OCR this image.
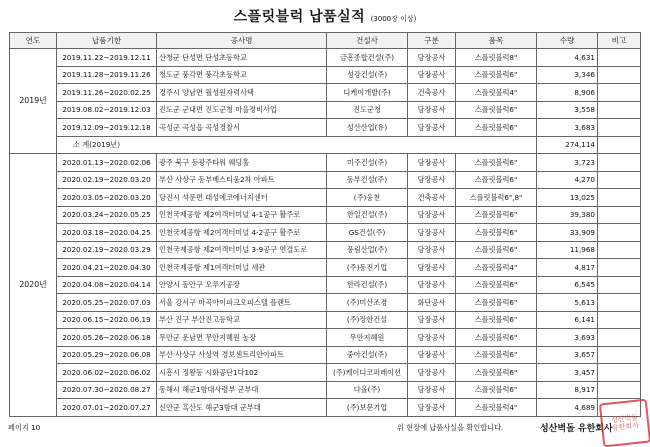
스플릿블럭 납품실적 (3000장 이상)
연도	납품기한	공사명	건설사	구분	품목	수량	비고
2019년	2019.11.22~2019.12.11	산청군 단성면 단성초등학교	금흥종합건설(주)	담장공사	스플릿블럭8"	4,631	
	2019.11.28~2019.11.26	청도군 풍각면 풍각초등학교	성강건설(주)	담장공사	스플릿블럭6"	3,346	
	2019.11.26~2020.02.25	경주시 양남면 월성원자력사택	디케이개발(주)	건축공사	스플릿블럭4"	8,906	
	2019.08.02~2019.12.03	진도군 군내면 진도군청 마을정비사업	진도군청	담장공사	스플릿블럭6"	3,558	
	2019.12.09~2019.12.18	곡성군 곡성읍 곡성경찰서	성산산업(유)	담장공사	스플릿블럭6"	3,683	
	소 계(2019년)					274,114	
2020년	2020.01.13~2020.02.06	광주 북구 동광주타워 웨딩홀	미주건설(주)	담장공사	스플릿블럭6"	3,723	
	2020.02.19~2020.03.20	부산 사상구 동부베스티움2차 아파트	동부건설(주)	담장공사	스플릿블럭6"	4,270	
	2020.03.05~2020.03.20	당진시 석문면 대성에코에너지센터	(주)웅천	건축공사	스플릿블럭6",8"	13,025	
	2020.03.24~2020.05.25	인천국제공항 제2여객터미널 4-1공구 활주로	한일건설(주)	담장공사	스플릿블럭6"	39,380	
	2020.03.18~2020.04.25	인천국제공항 제2여객터미널 4-2공구 활주로	GS건설(주)	담장공사	스플릿블럭6"	33,909	
	2020.02.19~2020.03.29	인천국제공항 제2여객터미널 3-9공구 연결도로	풍림산업(주)	담장공사	스플릿블럭6"	11,968	
	2020.04.21~2020.04.30	인천국제공항 제1여객터미널 세관	(주)동진기업	담장공사	스플릿블럭4"	4,817	
	2020.04.08~2020.04.14	안양시 동안구 오루기공장	한라건설(주)	담장공사	스플릿블럭6"	6,545	
	2020.05.25~2020.07.03	서울 강서구 마곡아이파크오피스텔 플랜트	(주)미산조경	화단공사	스플릿블럭6"	5,613	
	2020.06.15~2020.06.19	부산 진구 부산진고등학교	(주)장한건설	담장공사	스플릿블럭6"	6,141	
	2020.05.26~2020.06.18	무안군 운남면 무안지혜원 농장	무안지혜원	담장공사	스플릿블럭6"	3,693	
	2020.05.29~2020.06.08	부산 사상구 사상역 경보센트리안아파트	중아건설(주)	담장공사	스플릿블럭6"	3,657	
	2020.06.02~2020.06.02	시흥시 정왕동 시화공단1다102	(주)케이디코퍼레이션	담장공사	스플릿블럭6"	3,457	
	2020.07.30~2020.08.27	동해시 해군1함대사령부 군부대	다올(주)	담장공사	스플릿블럭6"	8,917	
	2020.07.01~2020.07.27	신안군 흑산도 해군3함대 군부대	(주)보문기업	담장공사	스플릿블럭4"	4,689	
페이지 10	위 현장에 납품사실을 확인합니다.	성산벽돌 유한회사
성산벽돌
유한회사
